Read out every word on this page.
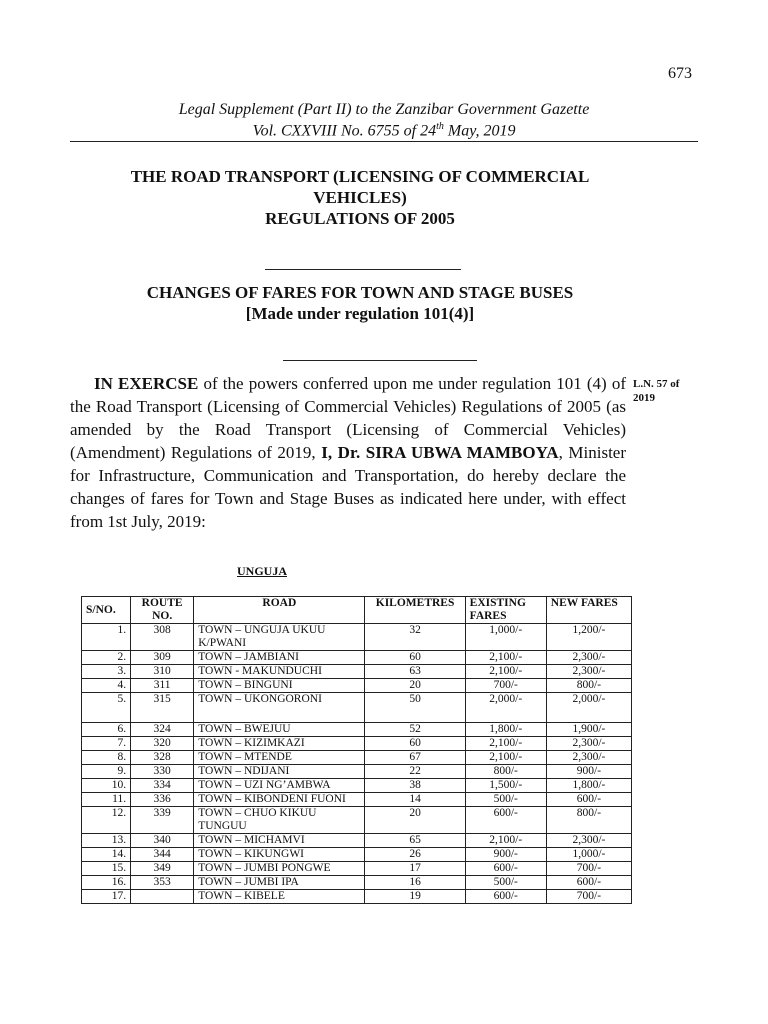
673
Legal Supplement (Part II) to the Zanzibar Government Gazette
Vol. CXXVIII No. 6755 of 24th May, 2019
THE ROAD TRANSPORT (LICENSING OF COMMERCIAL
VEHICLES)
REGULATIONS OF 2005
CHANGES OF FARES FOR TOWN AND STAGE BUSES
[Made under regulation 101(4)]
IN EXERCSE of the powers conferred upon me under regulation 101 (4) of the Road Transport (Licensing of Commercial Vehicles) Regulations of 2005 (as amended by the Road Transport (Licensing of Commercial Vehicles) (Amendment) Regulations of 2019, I, Dr. SIRA UBWA MAMBOYA, Minister for Infrastructure, Communication and Transportation, do hereby declare the changes of fares for Town and Stage Buses as indicated here under, with effect from 1st July, 2019:
L.N. 57 of
2019
UNGUJA
S/NO.	ROUTE NO.	ROAD	KILOMETRES	EXISTING FARES	NEW FARES
1.	308	TOWN – UNGUJA UKUU K/PWANI	32	1,000/-	1,200/-
2.	309	TOWN – JAMBIANI	60	2,100/-	2,300/-
3.	310	TOWN - MAKUNDUCHI	63	2,100/-	2,300/-
4.	311	TOWN – BINGUNI	20	700/-	800/-
5.	315	TOWN – UKONGORONI	50	2,000/-	2,000/-
6.	324	TOWN – BWEJUU	52	1,800/-	1,900/-
7.	320	TOWN – KIZIMKAZI	60	2,100/-	2,300/-
8.	328	TOWN – MTENDE	67	2,100/-	2,300/-
9.	330	TOWN – NDIJANI	22	800/-	900/-
10.	334	TOWN – UZI NG’AMBWA	38	1,500/-	1,800/-
11.	336	TOWN – KIBONDENI FUONI	14	500/-	600/-
12.	339	TOWN – CHUO KIKUU TUNGUU	20	600/-	800/-
13.	340	TOWN – MICHAMVI	65	2,100/-	2,300/-
14.	344	TOWN – KIKUNGWI	26	900/-	1,000/-
15.	349	TOWN – JUMBI PONGWE	17	600/-	700/-
16.	353	TOWN – JUMBI IPA	16	500/-	600/-
17.		TOWN – KIBELE	19	600/-	700/-
